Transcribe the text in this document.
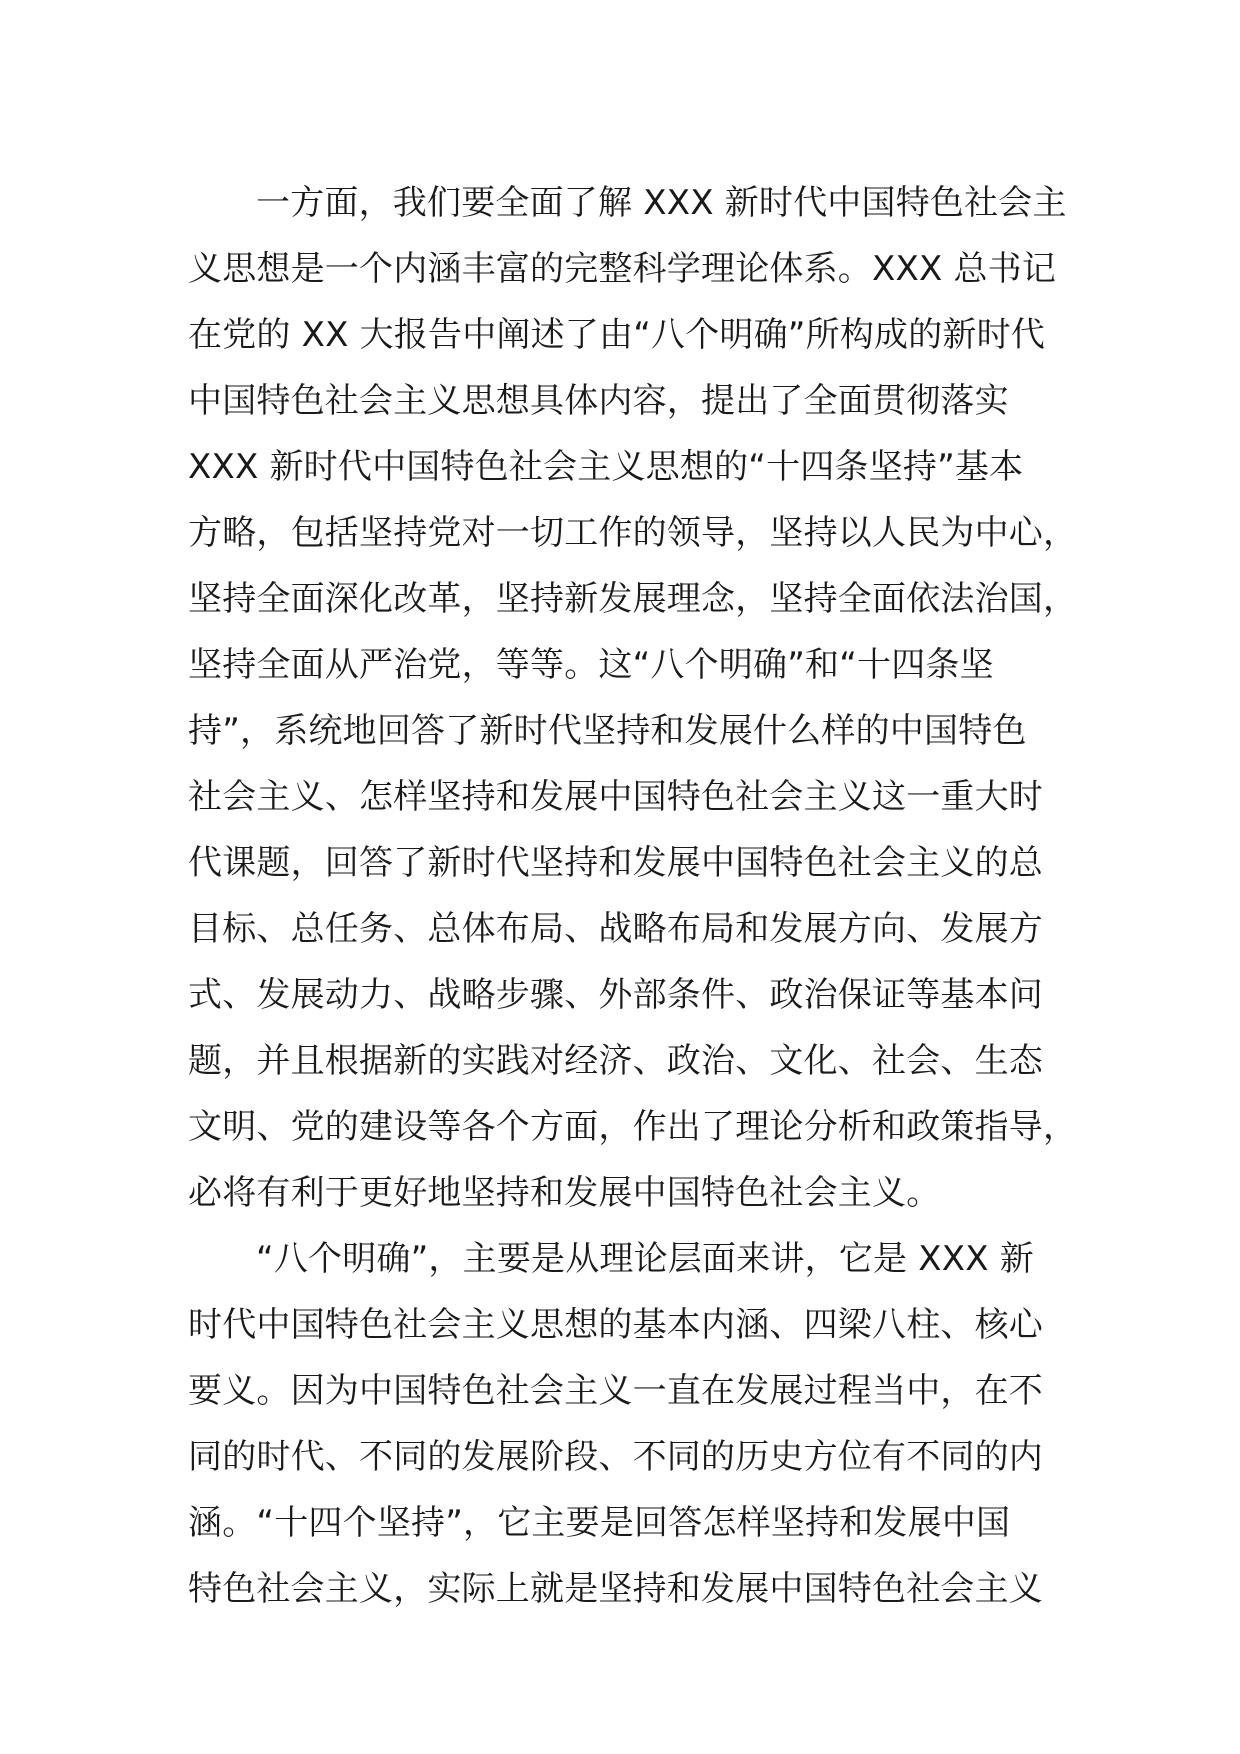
一方面，我们要全面了解 XXX 新时代中国特色社会主
义思想是一个内涵丰富的完整科学理论体系。XXX 总书记
在党的 XX 大报告中阐述了由“八个明确”所构成的新时代
中国特色社会主义思想具体内容，提出了全面贯彻落实
XXX 新时代中国特色社会主义思想的“十四条坚持”基本
方略，包括坚持党对一切工作的领导，坚持以人民为中心，
坚持全面深化改革，坚持新发展理念，坚持全面依法治国，
坚持全面从严治党，等等。这“八个明确”和“十四条坚
持”，系统地回答了新时代坚持和发展什么样的中国特色
社会主义、怎样坚持和发展中国特色社会主义这一重大时
代课题，回答了新时代坚持和发展中国特色社会主义的总
目标、总任务、总体布局、战略布局和发展方向、发展方
式、发展动力、战略步骤、外部条件、政治保证等基本问
题，并且根据新的实践对经济、政治、文化、社会、生态
文明、党的建设等各个方面，作出了理论分析和政策指导，
必将有利于更好地坚持和发展中国特色社会主义。
“八个明确”，主要是从理论层面来讲，它是 XXX 新
时代中国特色社会主义思想的基本内涵、四梁八柱、核心
要义。因为中国特色社会主义一直在发展过程当中，在不
同的时代、不同的发展阶段、不同的历史方位有不同的内
涵。“十四个坚持”，它主要是回答怎样坚持和发展中国
特色社会主义，实际上就是坚持和发展中国特色社会主义
